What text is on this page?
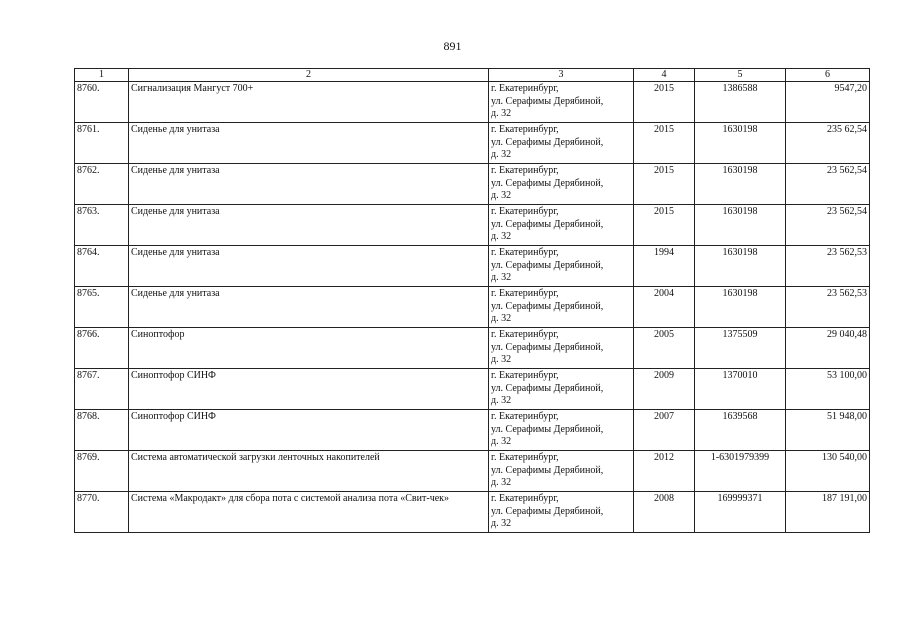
891
1	2	3	4	5	6
8760.	Сигнализация Мангуст 700+	г. Екатеринбург,
ул. Серафимы Дерябиной,
д. 32	2015	1386588	9547,20
8761.	Сиденье для унитаза	г. Екатеринбург,
ул. Серафимы Дерябиной,
д. 32	2015	1630198	235 62,54
8762.	Сиденье для унитаза	г. Екатеринбург,
ул. Серафимы Дерябиной,
д. 32	2015	1630198	23 562,54
8763.	Сиденье для унитаза	г. Екатеринбург,
ул. Серафимы Дерябиной,
д. 32	2015	1630198	23 562,54
8764.	Сиденье для унитаза	г. Екатеринбург,
ул. Серафимы Дерябиной,
д. 32	1994	1630198	23 562,53
8765.	Сиденье для унитаза	г. Екатеринбург,
ул. Серафимы Дерябиной,
д. 32	2004	1630198	23 562,53
8766.	Синоптофор	г. Екатеринбург,
ул. Серафимы Дерябиной,
д. 32	2005	1375509	29 040,48
8767.	Синоптофор СИНФ	г. Екатеринбург,
ул. Серафимы Дерябиной,
д. 32	2009	1370010	53 100,00
8768.	Синоптофор СИНФ	г. Екатеринбург,
ул. Серафимы Дерябиной,
д. 32	2007	1639568	51 948,00
8769.	Система автоматической загрузки ленточных накопителей	г. Екатеринбург,
ул. Серафимы Дерябиной,
д. 32	2012	1-6301979399	130 540,00
8770.	Система «Макродакт» для сбора пота с системой анализа пота «Свит-чек»	г. Екатеринбург,
ул. Серафимы Дерябиной,
д. 32	2008	169999371	187 191,00
